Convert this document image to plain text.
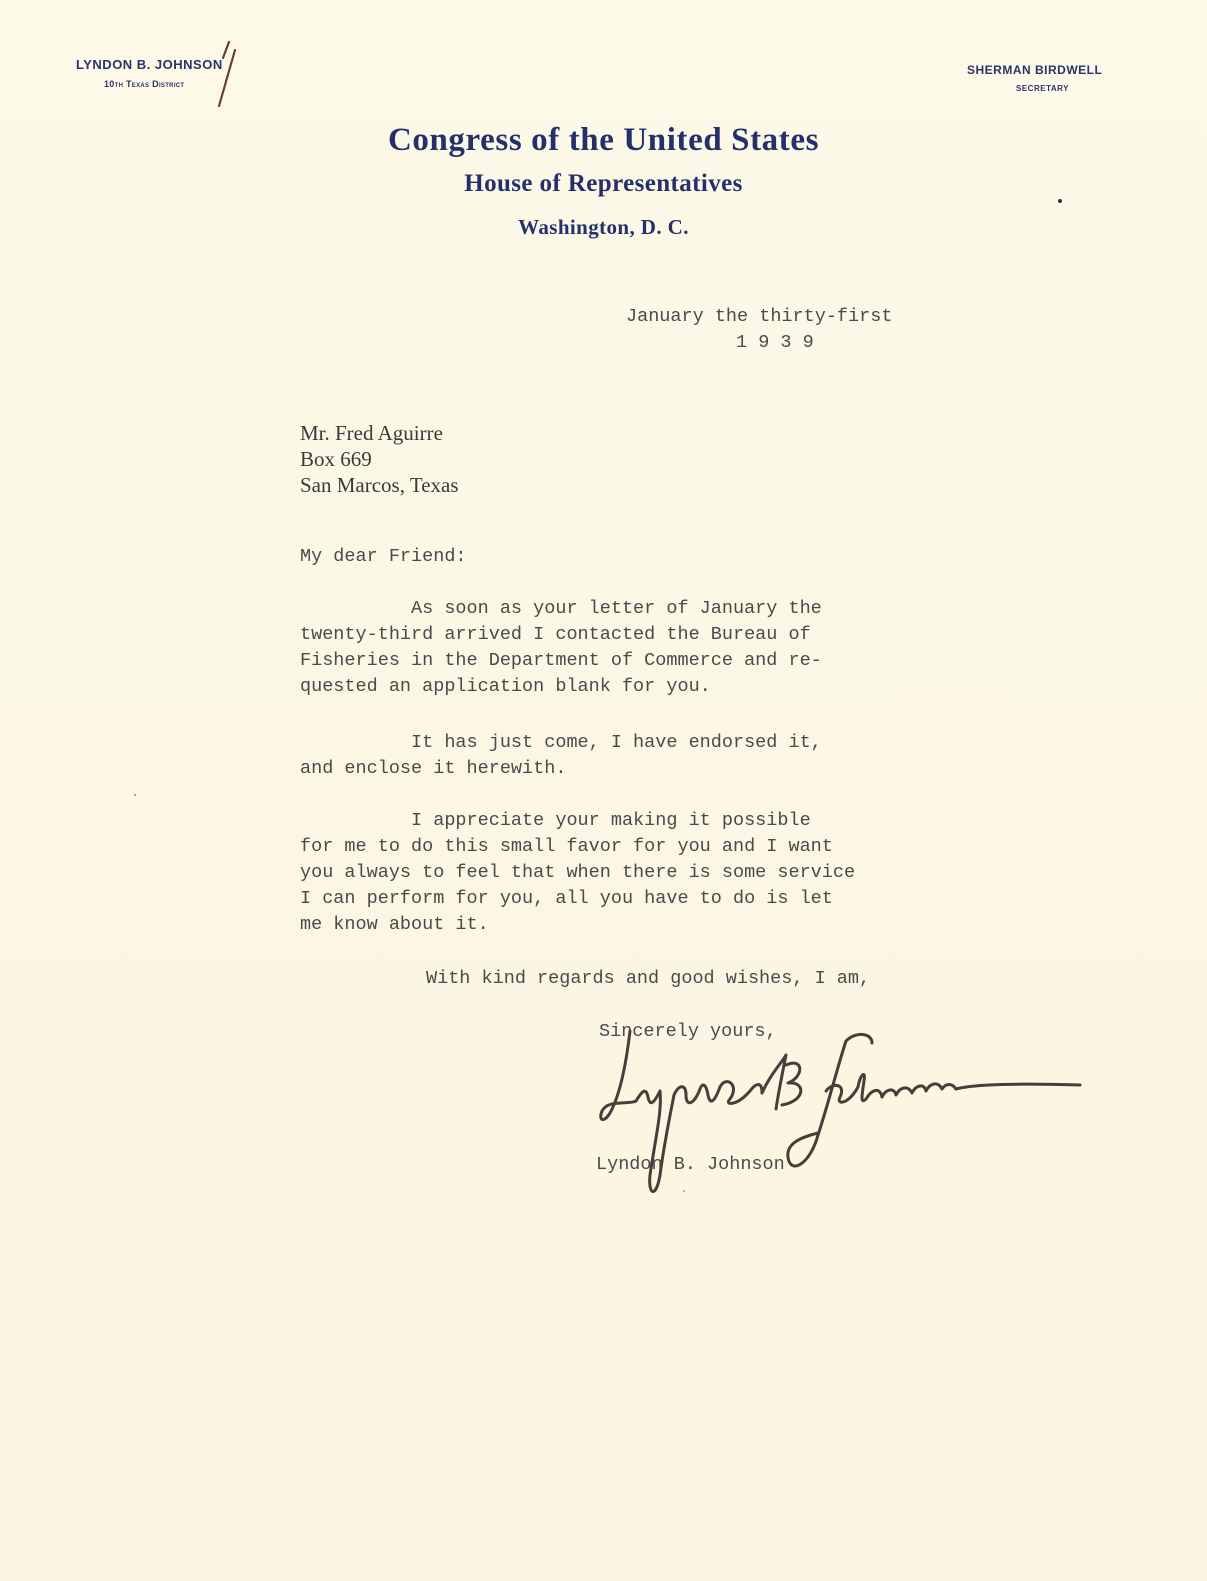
LYNDON B. JOHNSON
10th Texas District
SHERMAN BIRDWELL
SECRETARY
Congress of the United States
House of Representatives
Washington, D. C.
January the thirty-first
1 9 3 9
Mr. Fred Aguirre
Box 669
San Marcos, Texas
My dear Friend:
As soon as your letter of January the
twenty-third arrived I contacted the Bureau of
Fisheries in the Department of Commerce and re-
quested an application blank for you.
It has just come, I have endorsed it,
and enclose it herewith.
I appreciate your making it possible
for me to do this small favor for you and I want
you always to feel that when there is some service
I can perform for you, all you have to do is let
me know about it.
With kind regards and good wishes, I am,
Sincerely yours,
Lyndon B. Johnson
